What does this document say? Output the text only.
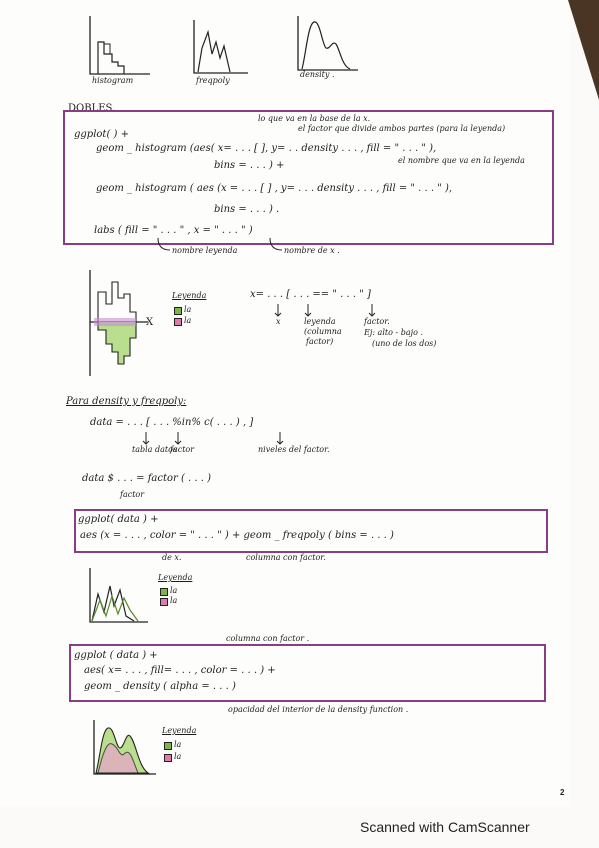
histogram	freqpoly
density .
DOBLES.
lo que va en la base de la x.
el factor que divide ambos partes (para la leyenda)
ggplot( ) +
geom _ histogram (aes( x= . . . [ ], y= . . density . . . , fill = " . . . " ),
bins = . . . ) +	el nombre que va en la leyenda
geom _ histogram ( aes (x = . . . [ ] , y= . . . density . . . , fill = " . . . " ),
bins = . . . ) .
labs ( fill = " . . . " , x = " . . . " )
nombre leyenda	nombre de x .
X
Leyenda
la
la
x= . . . [ . . . == " . . . " ]
x	leyenda
(columna
factor)
factor.
Ej: alto - bajo .
(uno de los dos)
Para density y freqpoly:
data = . . . [ . . . %in% c( . . . ) , ]
tabla datos
factor	niveles del factor.
data $ . . . = factor ( . . . )
factor
ggplot( data ) +
aes (x = . . . , color = " . . . " ) + geom _ freqpoly ( bins = . . . )
de x.	columna con factor.
Leyenda
la
la
columna con factor .
ggplot ( data ) +
aes( x= . . . , fill= . . . , color = . . . ) +
geom _ density ( alpha = . . . )
opacidad del interior de la density function .
Leyenda
la
la
2
Scanned with CamScanner
